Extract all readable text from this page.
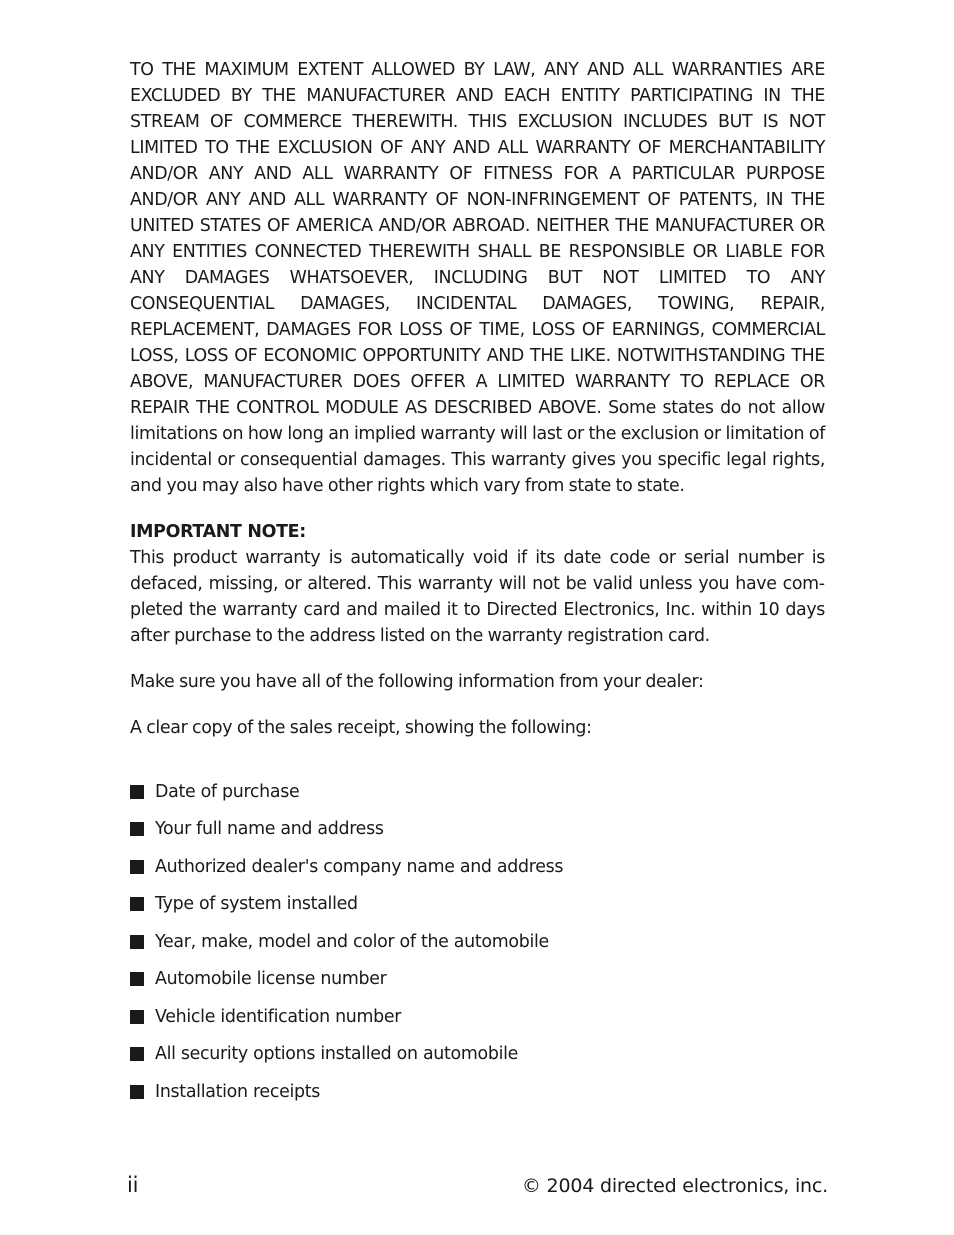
TO THE MAXIMUM EXTENT ALLOWED BY LAW, ANY AND ALL WARRANTIES ARE EXCLUDED BY THE MANUFACTURER AND EACH ENTITY PARTICIPATING IN THE STREAM OF COMMERCE THEREWITH. THIS EXCLUSION INCLUDES BUT IS NOT LIMITED TO THE EXCLUSION OF ANY AND ALL WARRANTY OF MERCHANTABILITY AND/OR ANY AND ALL WARRANTY OF FITNESS FOR A PARTICULAR PURPOSE AND/OR ANY AND ALL WARRANTY OF NON-INFRINGEMENT OF PATENTS, IN THE UNITED STATES OF AMERICA AND/OR ABROAD. NEITHER THE MANUFACTURER OR ANY ENTITIES CONNECTED THEREWITH SHALL BE RESPONSIBLE OR LIABLE FOR ANY DAMAGES WHATSOEVER, INCLUDING BUT NOT LIMITED TO ANY CONSEQUENTIAL DAMAGES, INCIDENTAL DAMAGES, TOWING, REPAIR, REPLACEMENT, DAMAGES FOR LOSS OF TIME, LOSS OF EARNINGS, COMMERCIAL LOSS, LOSS OF ECONOMIC OPPORTUNITY AND THE LIKE. NOTWITHSTANDING THE ABOVE, MANUFACTURER DOES OFFER A LIMITED WARRANTY TO REPLACE OR REPAIR THE CONTROL MODULE AS DESCRIBED ABOVE. Some states do not allow limitations on how long an implied warranty will last or the exclusion or limitation of incidental or consequential damages. This warranty gives you specific legal rights, and you may also have other rights which vary from state to state.

IMPORTANT NOTE:

This product warranty is automatically void if its date code or serial number is defaced, missing, or altered. This warranty will not be valid unless you have completed the warranty card and mailed it to Directed Electronics, Inc. within 10 days after purchase to the address listed on the warranty registration card.

Make sure you have all of the following information from your dealer:

A clear copy of the sales receipt, showing the following:

Date of purchase
Your full name and address
Authorized dealer's company name and address
Type of system installed
Year, make, model and color of the automobile
Automobile license number
Vehicle identification number
All security options installed on automobile
Installation receipts
ii	© 2004 directed electronics, inc.
